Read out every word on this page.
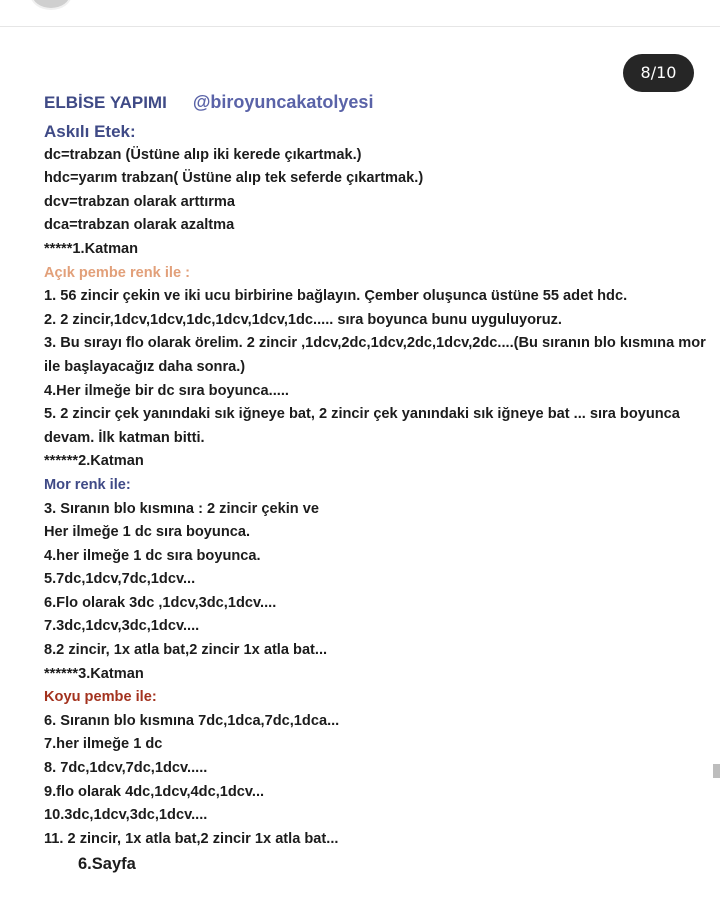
8/10
ELBİSE YAPIMI @biroyuncakatolyesi
Askılı Etek:
dc=trabzan (Üstüne alıp iki kerede çıkartmak.)
hdc=yarım trabzan( Üstüne alıp tek seferde çıkartmak.)
dcv=trabzan olarak arttırma
dca=trabzan olarak azaltma
*****1.Katman
Açık pembe renk ile :
1. 56 zincir çekin ve iki ucu birbirine bağlayın. Çember oluşunca üstüne 55 adet hdc.
2. 2 zincir,1dcv,1dcv,1dc,1dcv,1dcv,1dc..... sıra boyunca bunu uyguluyoruz.
3. Bu sırayı flo olarak örelim. 2 zincir ,1dcv,2dc,1dcv,2dc,1dcv,2dc....(Bu sıranın blo kısmına mor ile başlayacağız daha sonra.)
4.Her ilmeğe bir dc sıra boyunca.....
5. 2 zincir çek yanındaki sık iğneye bat, 2 zincir çek yanındaki sık iğneye bat ... sıra boyunca devam. İlk katman bitti.
******2.Katman
Mor renk ile:
3. Sıranın blo kısmına : 2 zincir çekin ve
Her ilmeğe 1 dc sıra boyunca.
4.her ilmeğe 1 dc sıra boyunca.
5.7dc,1dcv,7dc,1dcv...
6.Flo olarak 3dc ,1dcv,3dc,1dcv....
7.3dc,1dcv,3dc,1dcv....
8.2 zincir, 1x atla bat,2 zincir 1x atla bat...
******3.Katman
Koyu pembe ile:
6. Sıranın blo kısmına 7dc,1dca,7dc,1dca...
7.her ilmeğe 1 dc
8. 7dc,1dcv,7dc,1dcv.....
9.flo olarak 4dc,1dcv,4dc,1dcv...
10.3dc,1dcv,3dc,1dcv....
11. 2 zincir, 1x atla bat,2 zincir 1x atla bat...
6.Sayfa
